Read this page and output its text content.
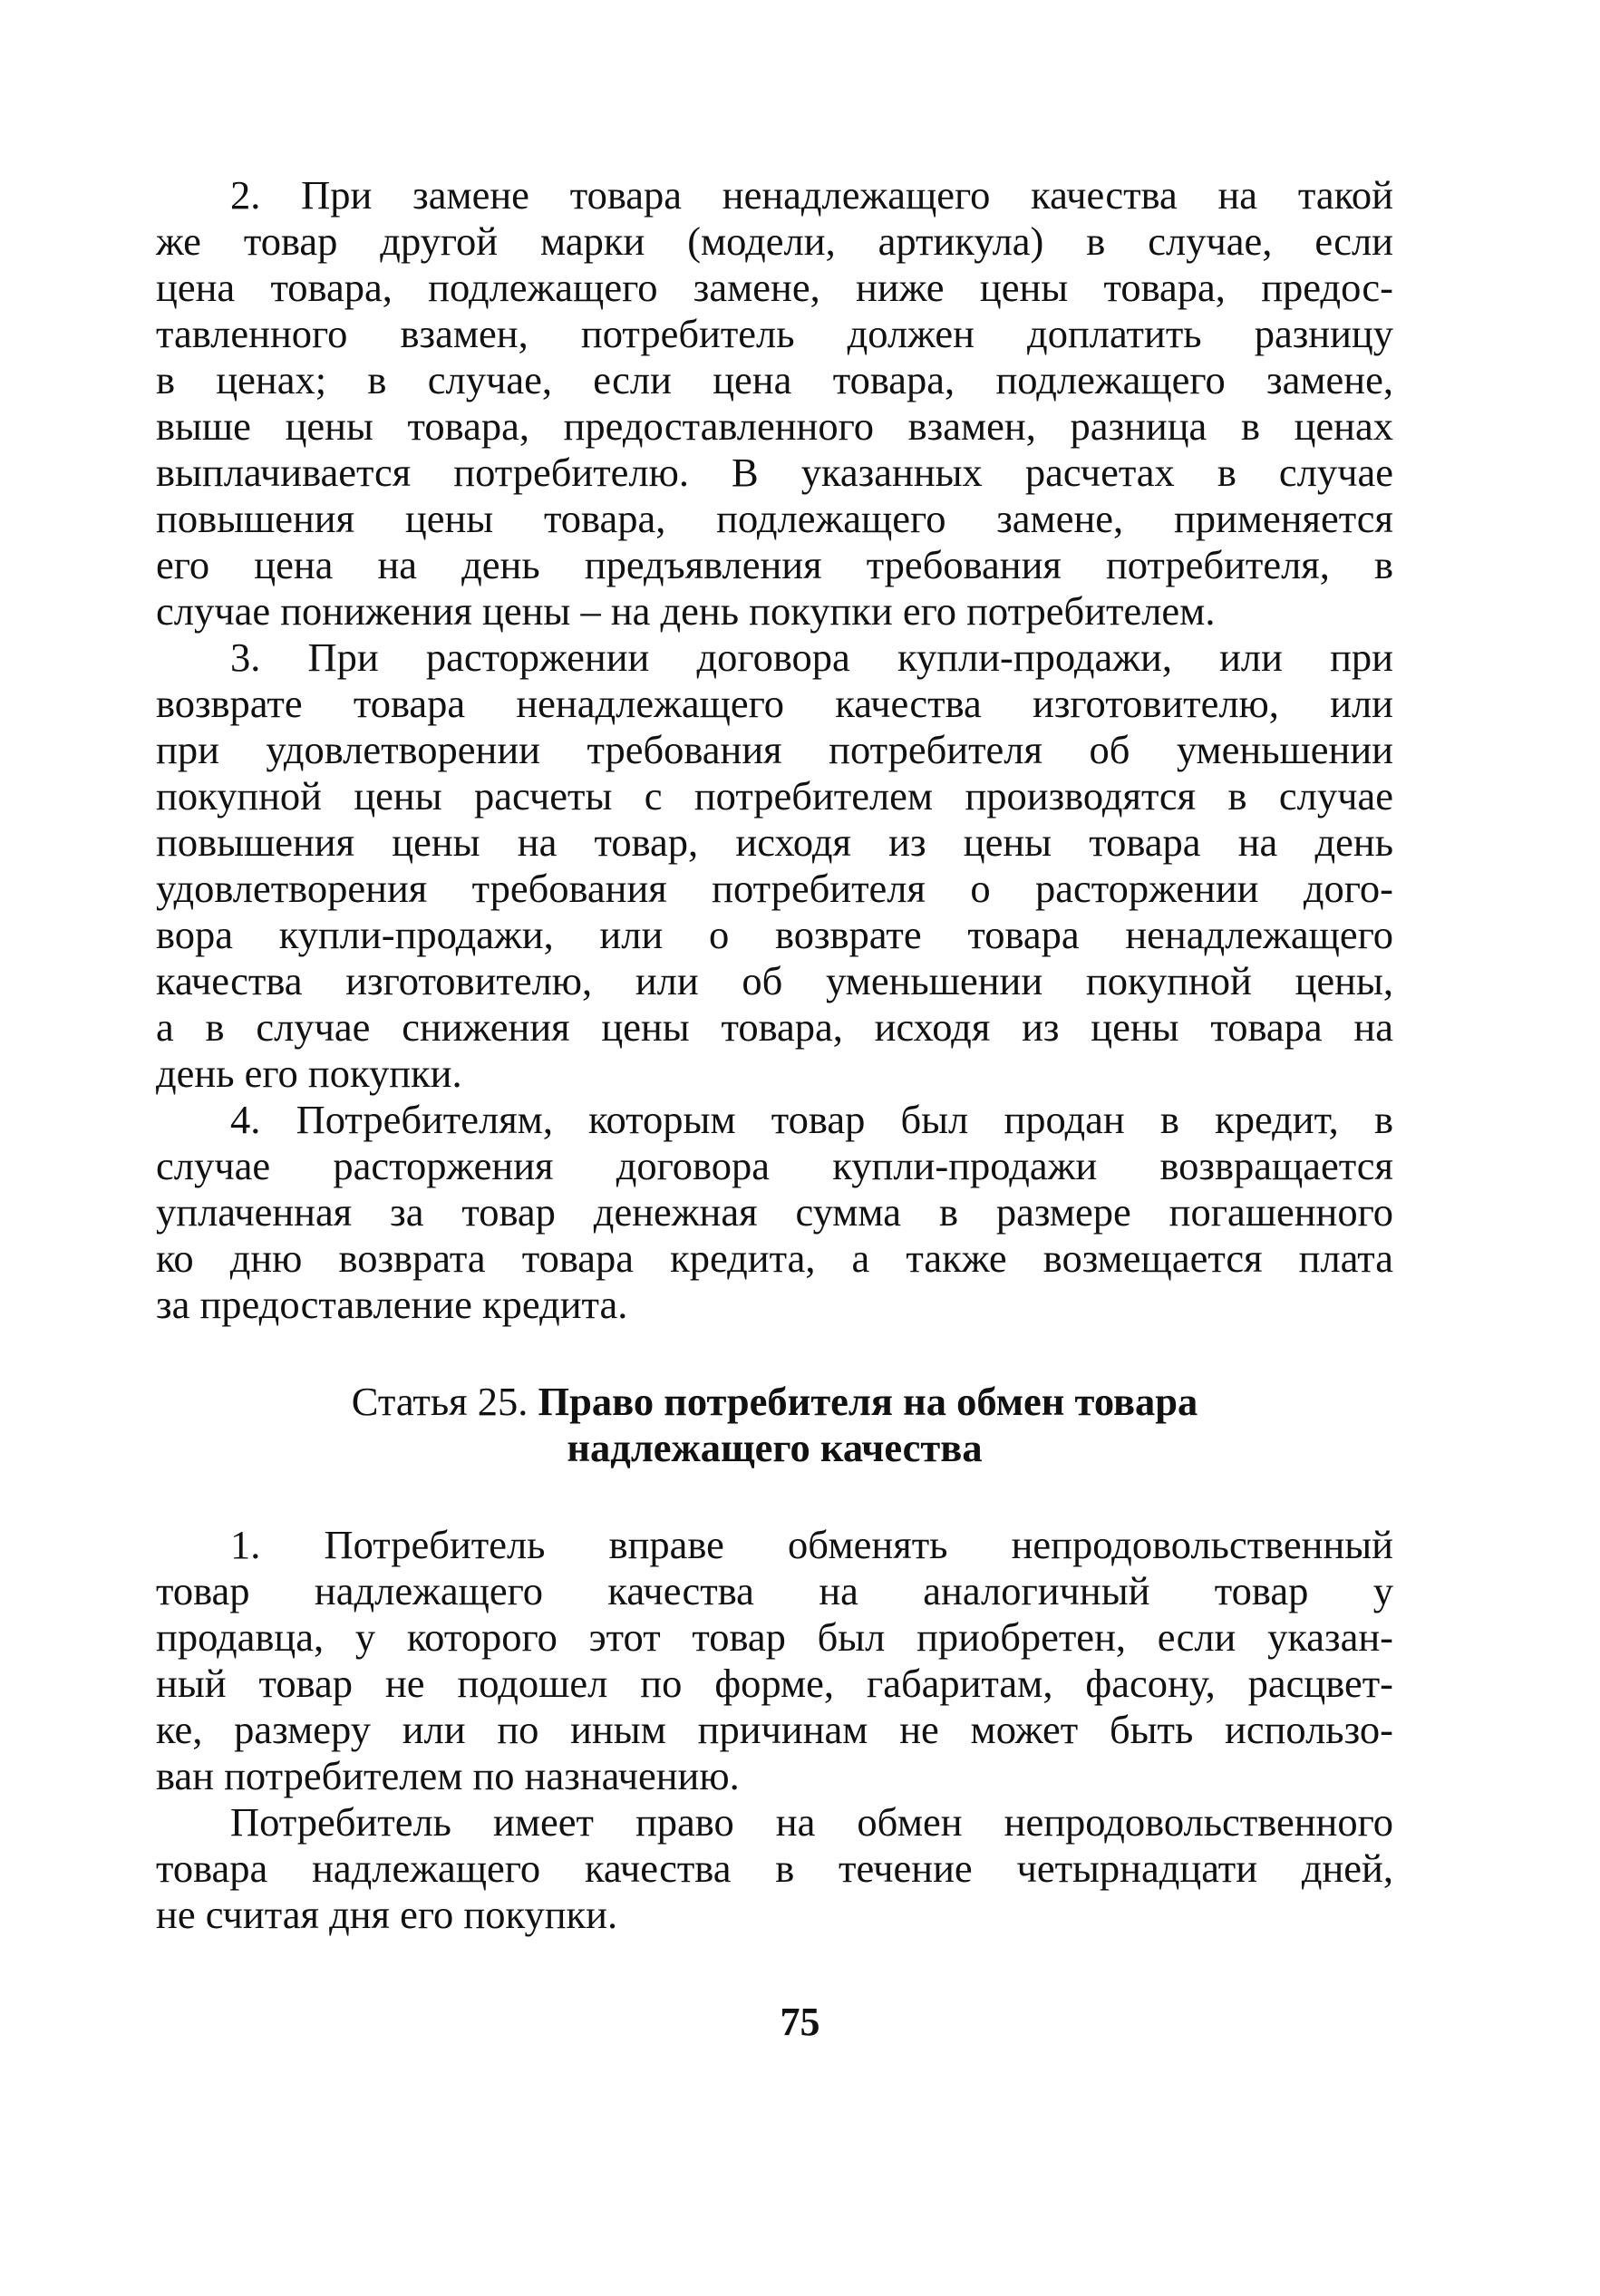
2. При замене товара ненадлежащего качества на такой
же товар другой марки (модели, артикула) в случае, если
цена товара, подлежащего замене, ниже цены товара, предос-
тавленного взамен, потребитель должен доплатить разницу
в ценах; в случае, если цена товара, подлежащего замене,
выше цены товара, предоставленного взамен, разница в ценах
выплачивается потребителю. В указанных расчетах в случае
повышения цены товара, подлежащего замене, применяется
его цена на день предъявления требования потребителя, в
случае понижения цены – на день покупки его потребителем.
3. При расторжении договора купли-продажи, или при
возврате товара ненадлежащего качества изготовителю, или
при удовлетворении требования потребителя об уменьшении
покупной цены расчеты с потребителем производятся в случае
повышения цены на товар, исходя из цены товара на день
удовлетворения требования потребителя о расторжении дого-
вора купли-продажи, или о возврате товара ненадлежащего
качества изготовителю, или об уменьшении покупной цены,
а в случае снижения цены товара, исходя из цены товара на
день его покупки.
4. Потребителям, которым товар был продан в кредит, в
случае расторжения договора купли-продажи возвращается
уплаченная за товар денежная сумма в размере погашенного
ко дню возврата товара кредита, а также возмещается плата
за предоставление кредита.
Статья 25. Право потребителя на обмен товара
надлежащего качества
1. Потребитель вправе обменять непродовольственный
товар надлежащего качества на аналогичный товар у
продавца, у которого этот товар был приобретен, если указан-
ный товар не подошел по форме, габаритам, фасону, расцвет-
ке, размеру или по иным причинам не может быть использо-
ван потребителем по назначению.
Потребитель имеет право на обмен непродовольственного
товара надлежащего качества в течение четырнадцати дней,
не считая дня его покупки.
75
